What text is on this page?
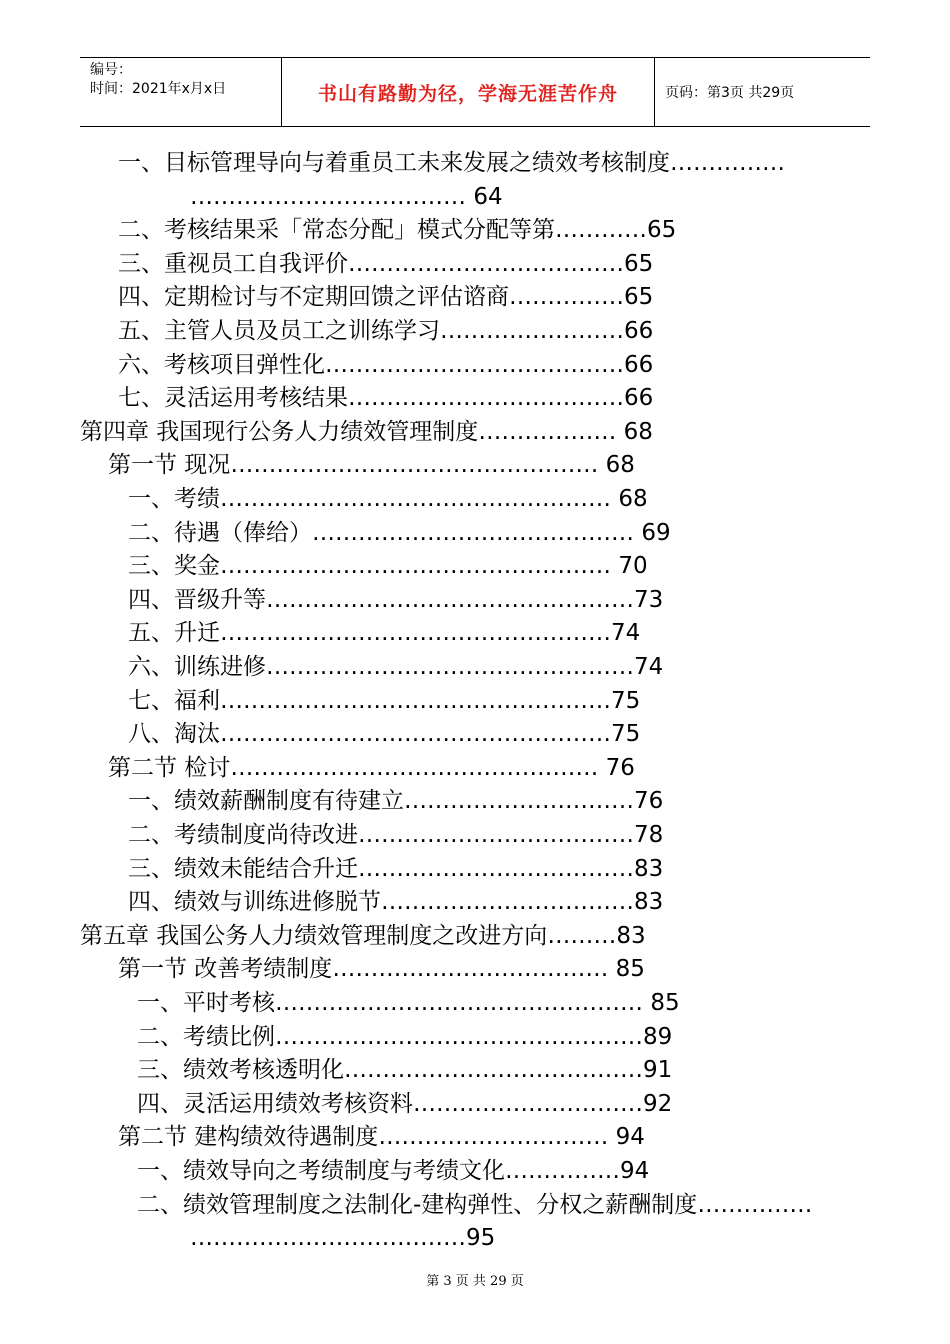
编号：
时间：2021年x月x日	书山有路勤为径，学海无涯苦作舟	页码：第3页 共29页
一、目标管理导向与着重员工未来发展之绩效考核制度……………
……………………………… 64
二、考核结果采「常态分配」模式分配等第…………65
三、重视员工自我评价………………………………65
四、定期检讨与不定期回馈之评估谘商……………65
五、主管人员及员工之训练学习……………………66
六、考核项目弹性化…………………………………66
七、灵活运用考核结果………………………………66
第四章 我国现行公务人力绩效管理制度……………… 68
第一节 现况………………………………………… 68
一、考绩…………………………………………… 68
二、待遇（俸给）…………………………………… 69
三、奖金…………………………………………… 70
四、晋级升等…………………………………………73
五、升迁……………………………………………74
六、训练进修…………………………………………74
七、福利……………………………………………75
八、淘汰……………………………………………75
第二节 检讨………………………………………… 76
一、绩效薪酬制度有待建立…………………………76
二、考绩制度尚待改进………………………………78
三、绩效未能结合升迁………………………………83
四、绩效与训练进修脱节……………………………83
第五章 我国公务人力绩效管理制度之改进方向………83
第一节 改善考绩制度……………………………… 85
一、平时考核………………………………………… 85
二、考绩比例…………………………………………89
三、绩效考核透明化…………………………………91
四、灵活运用绩效考核资料…………………………92
第二节 建构绩效待遇制度………………………… 94
一、绩效导向之考绩制度与考绩文化……………94
二、绩效管理制度之法制化-建构弹性、分权之薪酬制度……………
………………………………95
第 3 页 共 29 页
